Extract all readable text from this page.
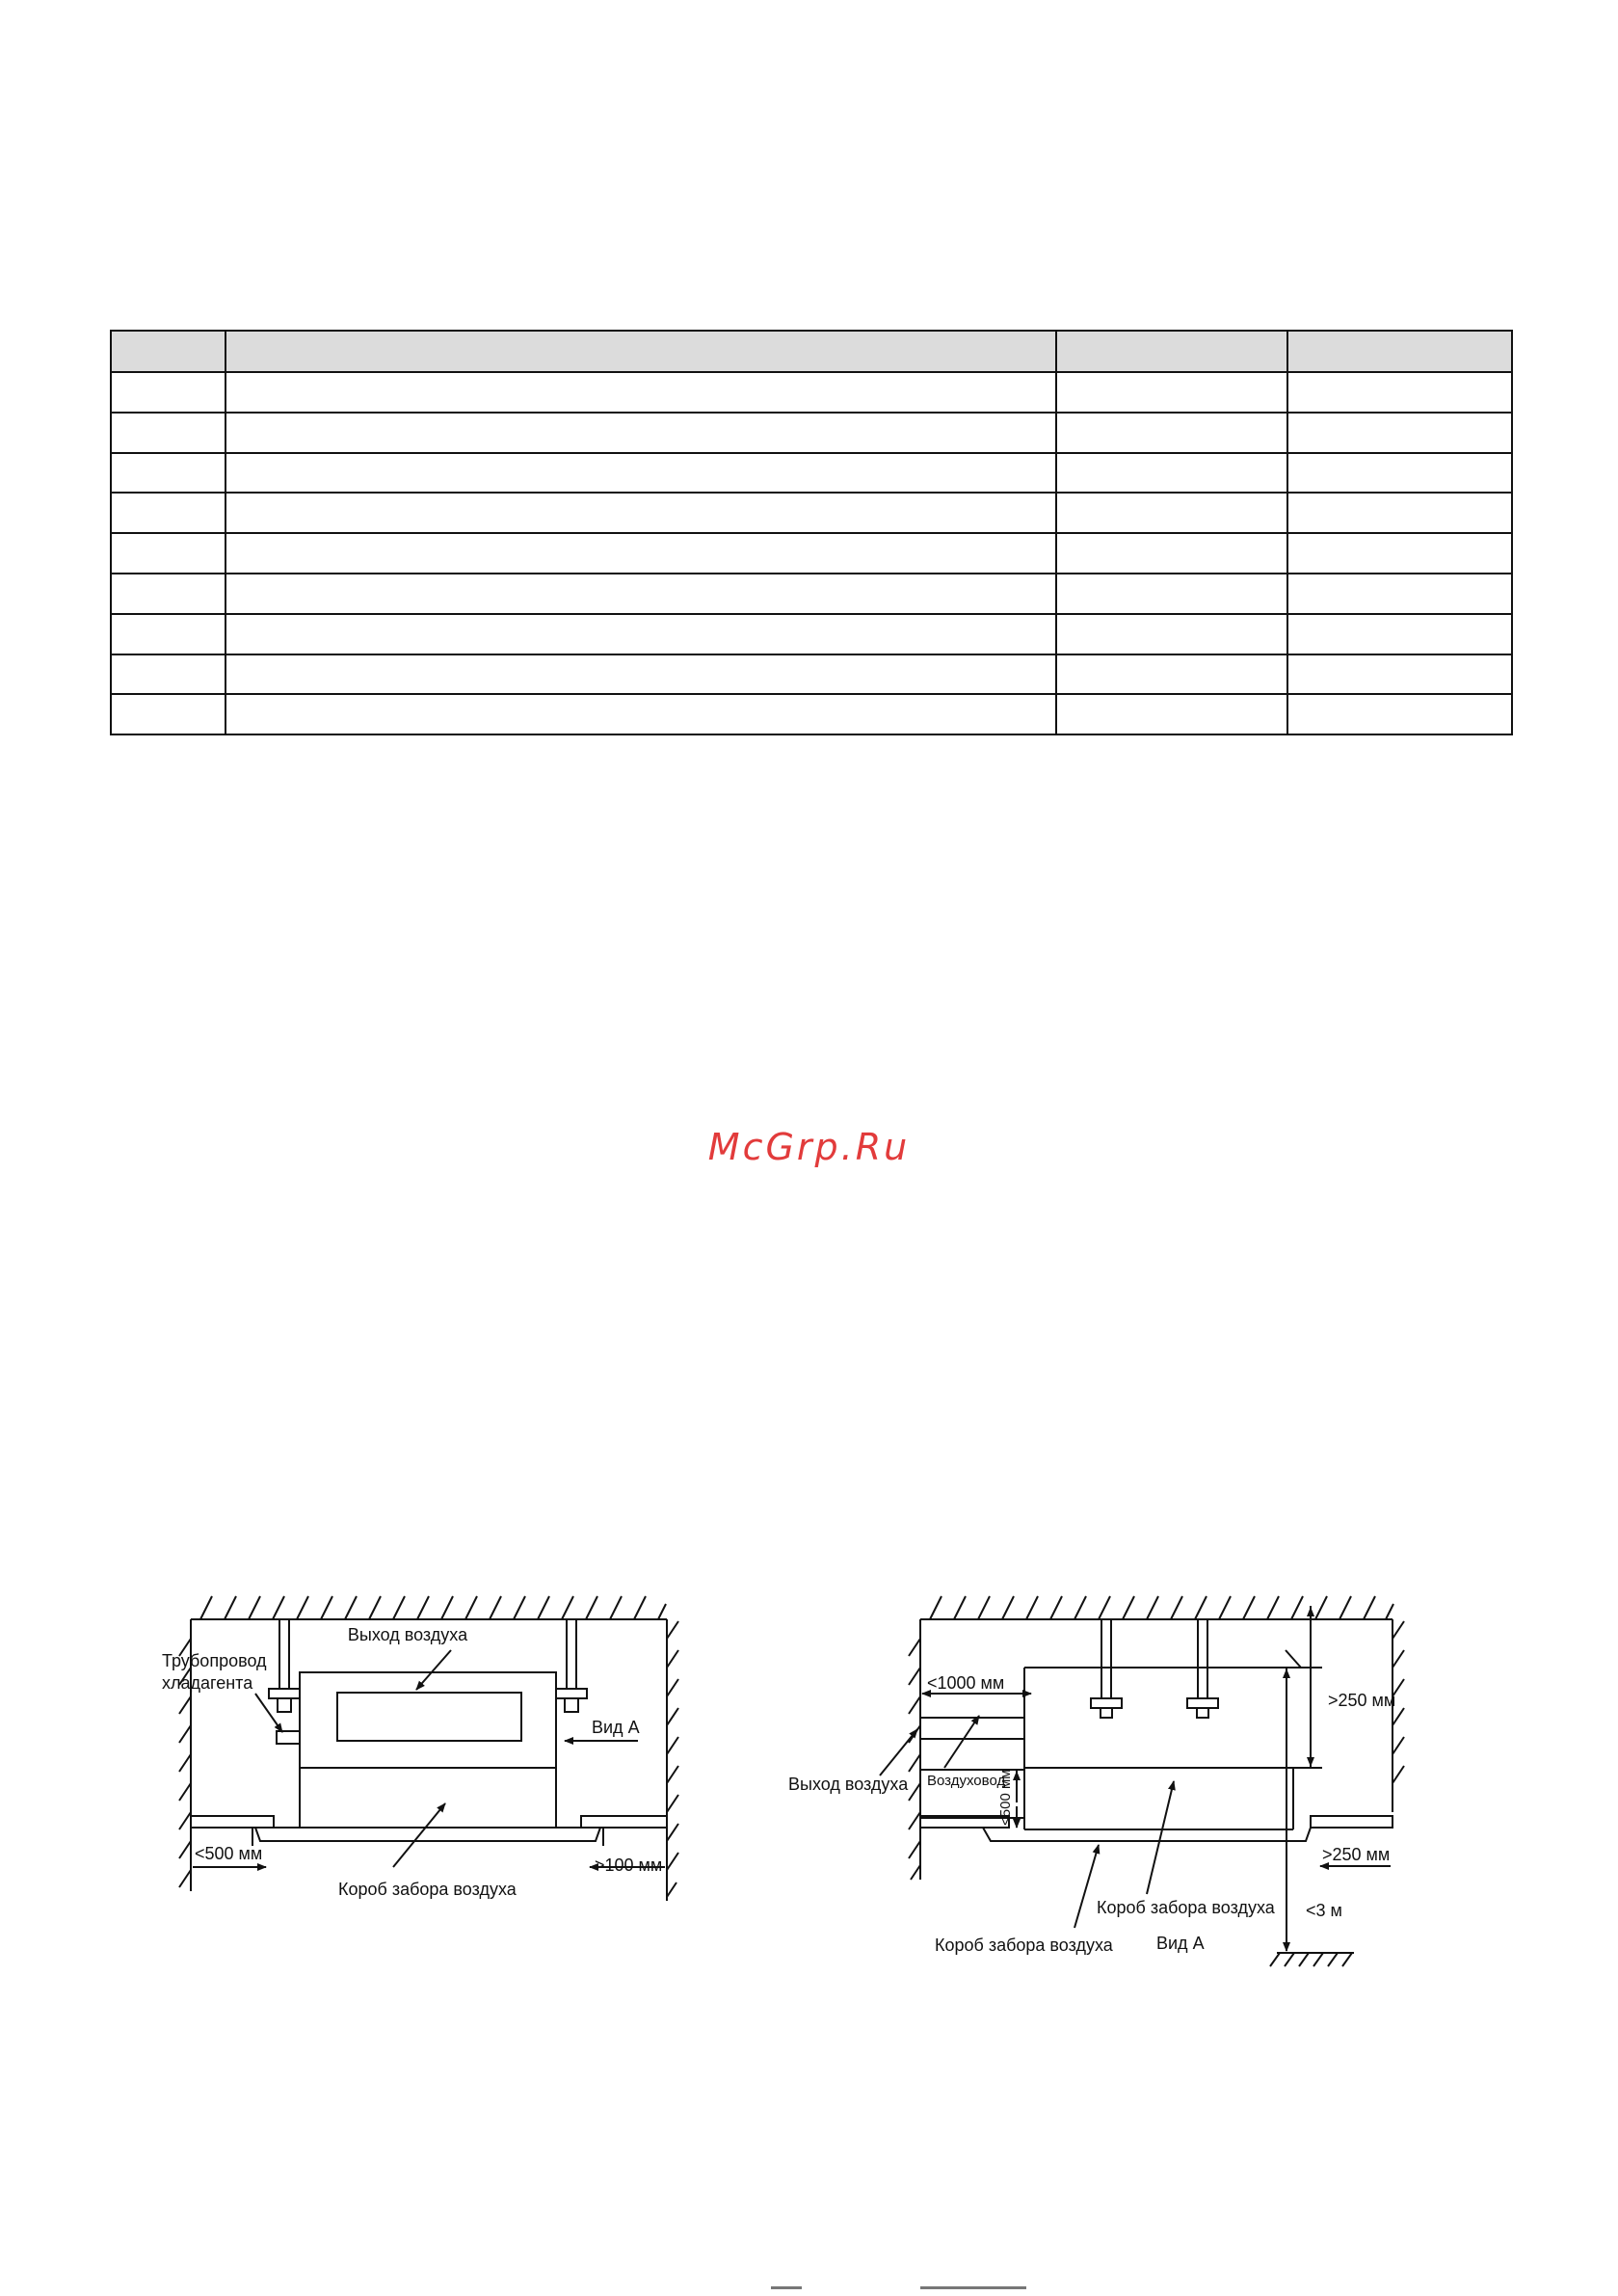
McGrp.Ru
Выход воздуха
Трубопровод
хладагента
Вид А
<500 мм
>100 мм
Короб забора воздуха
<1000 мм
Выход воздуха Воздуховод
<500 мм
>250 мм
>250 мм
<3 м
Короб забора воздуха
Короб забора воздуха	Вид А
